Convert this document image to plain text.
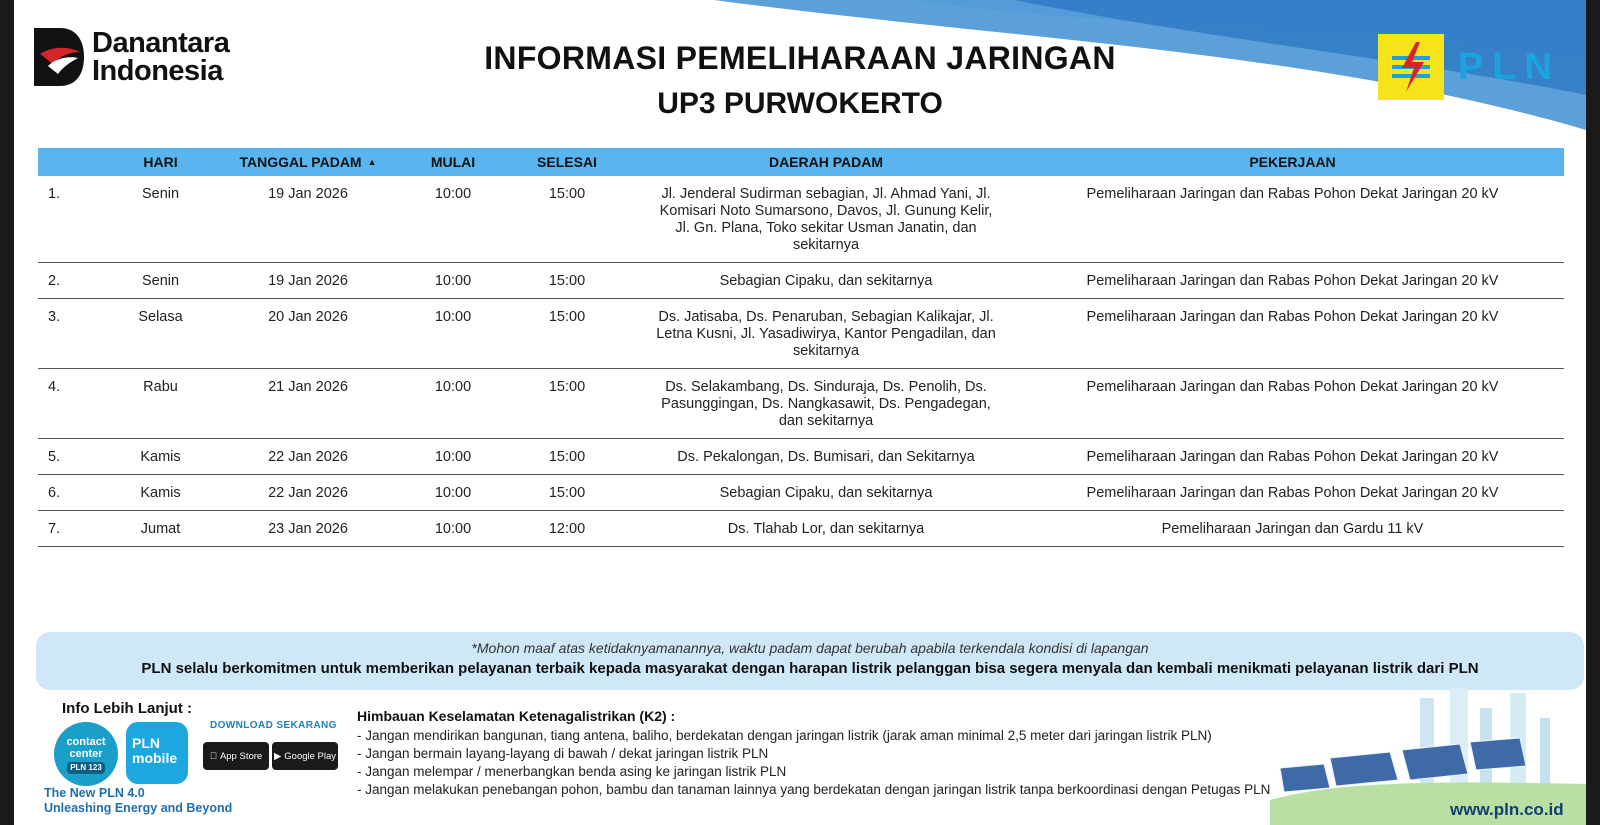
Danantara
Indonesia	INFORMASI PEMELIHARAAN JARINGAN
UP3 PURWOKERTO
PLN
	HARI	TANGGAL PADAM ▲	MULAI	SELESAI	DAERAH PADAM	PEKERJAAN
1.	Senin	19 Jan 2026	10:00	15:00	Jl. Jenderal Sudirman sebagian, Jl. Ahmad Yani, Jl. Komisari Noto Sumarsono, Davos, Jl. Gunung Kelir, Jl. Gn. Plana, Toko sekitar Usman Janatin, dan sekitarnya	Pemeliharaan Jaringan dan Rabas Pohon Dekat Jaringan 20 kV
2.	Senin	19 Jan 2026	10:00	15:00	Sebagian Cipaku, dan sekitarnya	Pemeliharaan Jaringan dan Rabas Pohon Dekat Jaringan 20 kV
3.	Selasa	20 Jan 2026	10:00	15:00	Ds. Jatisaba, Ds. Penaruban, Sebagian Kalikajar, Jl. Letna Kusni, Jl. Yasadiwirya, Kantor Pengadilan, dan sekitarnya	Pemeliharaan Jaringan dan Rabas Pohon Dekat Jaringan 20 kV
4.	Rabu	21 Jan 2026	10:00	15:00	Ds. Selakambang, Ds. Sinduraja, Ds. Penolih, Ds. Pasunggingan, Ds. Nangkasawit, Ds. Pengadegan, dan sekitarnya	Pemeliharaan Jaringan dan Rabas Pohon Dekat Jaringan 20 kV
5.	Kamis	22 Jan 2026	10:00	15:00	Ds. Pekalongan, Ds. Bumisari, dan Sekitarnya	Pemeliharaan Jaringan dan Rabas Pohon Dekat Jaringan 20 kV
6.	Kamis	22 Jan 2026	10:00	15:00	Sebagian Cipaku, dan sekitarnya	Pemeliharaan Jaringan dan Rabas Pohon Dekat Jaringan 20 kV
7.	Jumat	23 Jan 2026	10:00	12:00	Ds. Tlahab Lor, dan sekitarnya	Pemeliharaan Jaringan dan Gardu 11 kV
*Mohon maaf atas ketidaknyamanannya, waktu padam dapat berubah apabila terkendala kondisi di lapangan
PLN selalu berkomitmen untuk memberikan pelayanan terbaik kepada masyarakat dengan harapan listrik pelanggan bisa segera menyala dan kembali menikmati pelayanan listrik dari PLN
Info Lebih Lanjut :
contact
center
PLN 123
PLN
mobile
DOWNLOAD SEKARANG
App Store ▶ Google Play
The New PLN 4.0
Unleashing Energy and Beyond
Himbauan Keselamatan Ketenagalistrikan (K2) :
- Jangan mendirikan bangunan, tiang antena, baliho, berdekatan dengan jaringan listrik (jarak aman minimal 2,5 meter dari jaringan listrik PLN)
- Jangan bermain layang-layang di bawah / dekat jaringan listrik PLN
- Jangan melempar / menerbangkan benda asing ke jaringan listrik PLN
- Jangan melakukan penebangan pohon, bambu dan tanaman lainnya yang berdekatan dengan jaringan listrik tanpa berkoordinasi dengan Petugas PLN
www.pln.co.id
